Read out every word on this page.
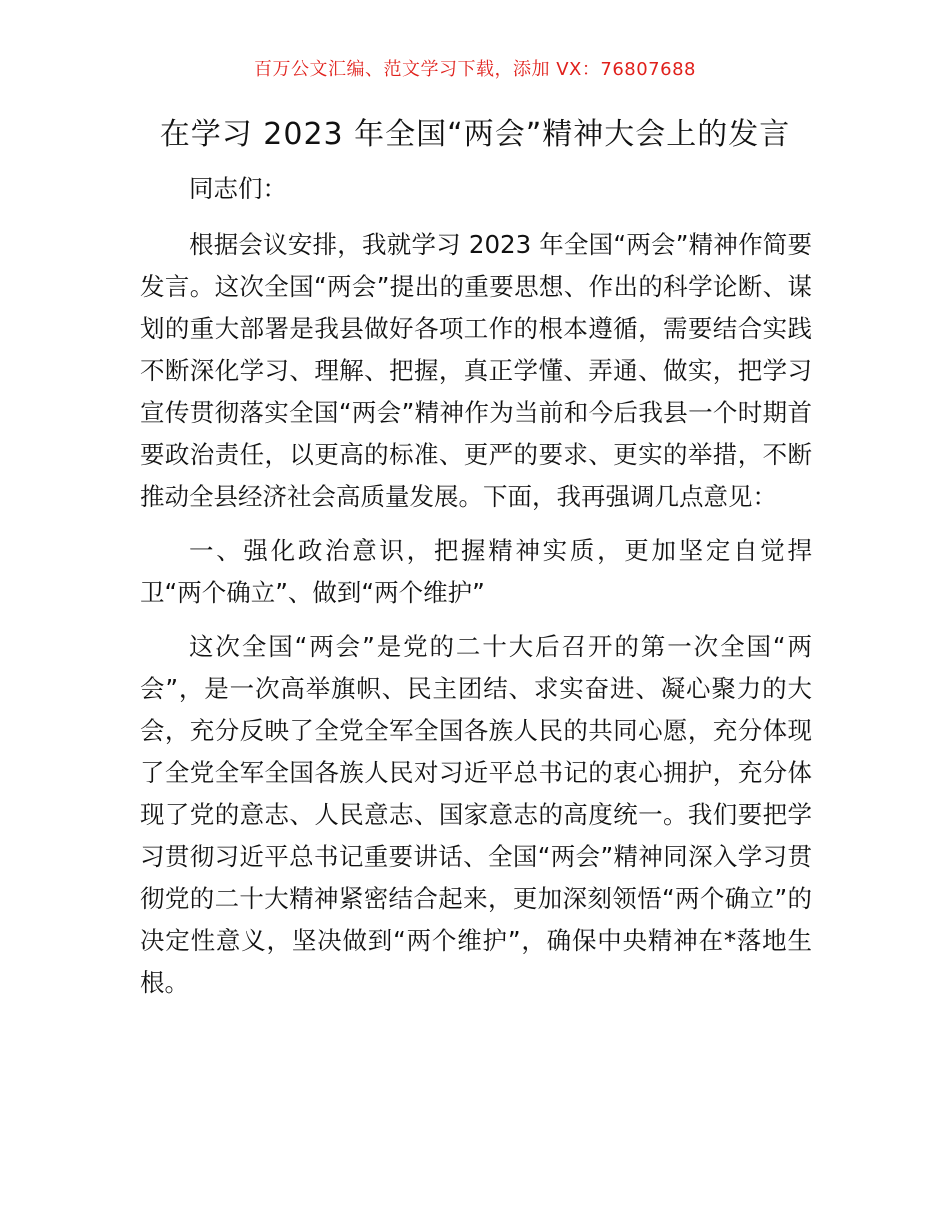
百万公文汇编、范文学习下载，添加 VX：76807688
在学习 2023 年全国“两会”精神大会上的发言

同志们：

根据会议安排，我就学习 2023 年全国“两会”精神作简要发言。这次全国“两会”提出的重要思想、作出的科学论断、谋划的重大部署是我县做好各项工作的根本遵循，需要结合实践不断深化学习、理解、把握，真正学懂、弄通、做实，把学习宣传贯彻落实全国“两会”精神作为当前和今后我县一个时期首要政治责任，以更高的标准、更严的要求、更实的举措，不断推动全县经济社会高质量发展。下面，我再强调几点意见：

一、强化政治意识，把握精神实质，更加坚定自觉捍卫“两个确立”、做到“两个维护”

这次全国“两会”是党的二十大后召开的第一次全国“两会”，是一次高举旗帜、民主团结、求实奋进、凝心聚力的大会，充分反映了全党全军全国各族人民的共同心愿，充分体现了全党全军全国各族人民对习近平总书记的衷心拥护，充分体现了党的意志、人民意志、国家意志的高度统一。我们要把学习贯彻习近平总书记重要讲话、全国“两会”精神同深入学习贯彻党的二十大精神紧密结合起来，更加深刻领悟“两个确立”的决定性意义，坚决做到“两个维护”，确保中央精神在*落地生根。
